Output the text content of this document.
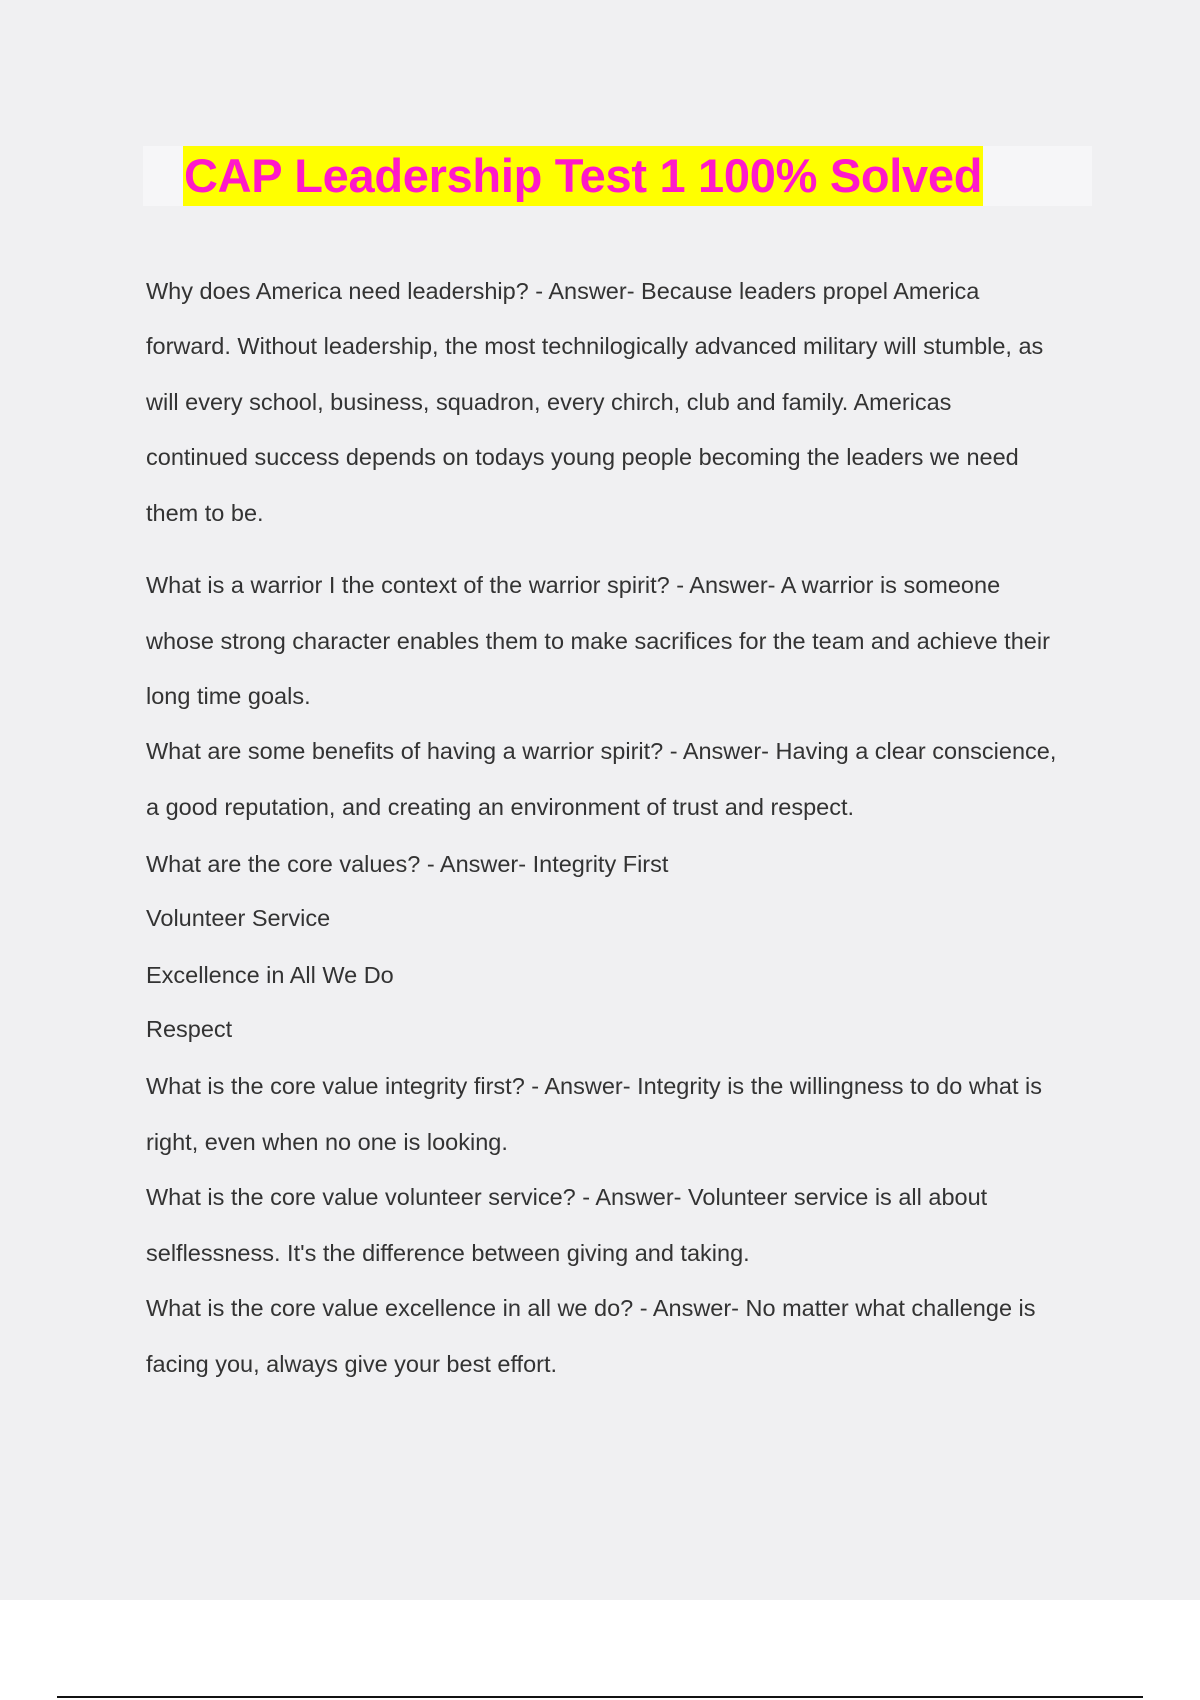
CAP Leadership Test 1 100% Solved
Why does America need leadership? - Answer- Because leaders propel America
forward. Without leadership, the most technilogically advanced military will stumble, as
will every school, business, squadron, every chirch, club and family. Americas
continued success depends on todays young people becoming the leaders we need
them to be.
What is a warrior I the context of the warrior spirit? - Answer- A warrior is someone
whose strong character enables them to make sacrifices for the team and achieve their
long time goals.
What are some benefits of having a warrior spirit? - Answer- Having a clear conscience,
a good reputation, and creating an environment of trust and respect.
What are the core values? - Answer- Integrity First
Volunteer Service
Excellence in All We Do
Respect
What is the core value integrity first? - Answer- Integrity is the willingness to do what is
right, even when no one is looking.
What is the core value volunteer service? - Answer- Volunteer service is all about
selflessness. It's the difference between giving and taking.
What is the core value excellence in all we do? - Answer- No matter what challenge is
facing you, always give your best effort.
